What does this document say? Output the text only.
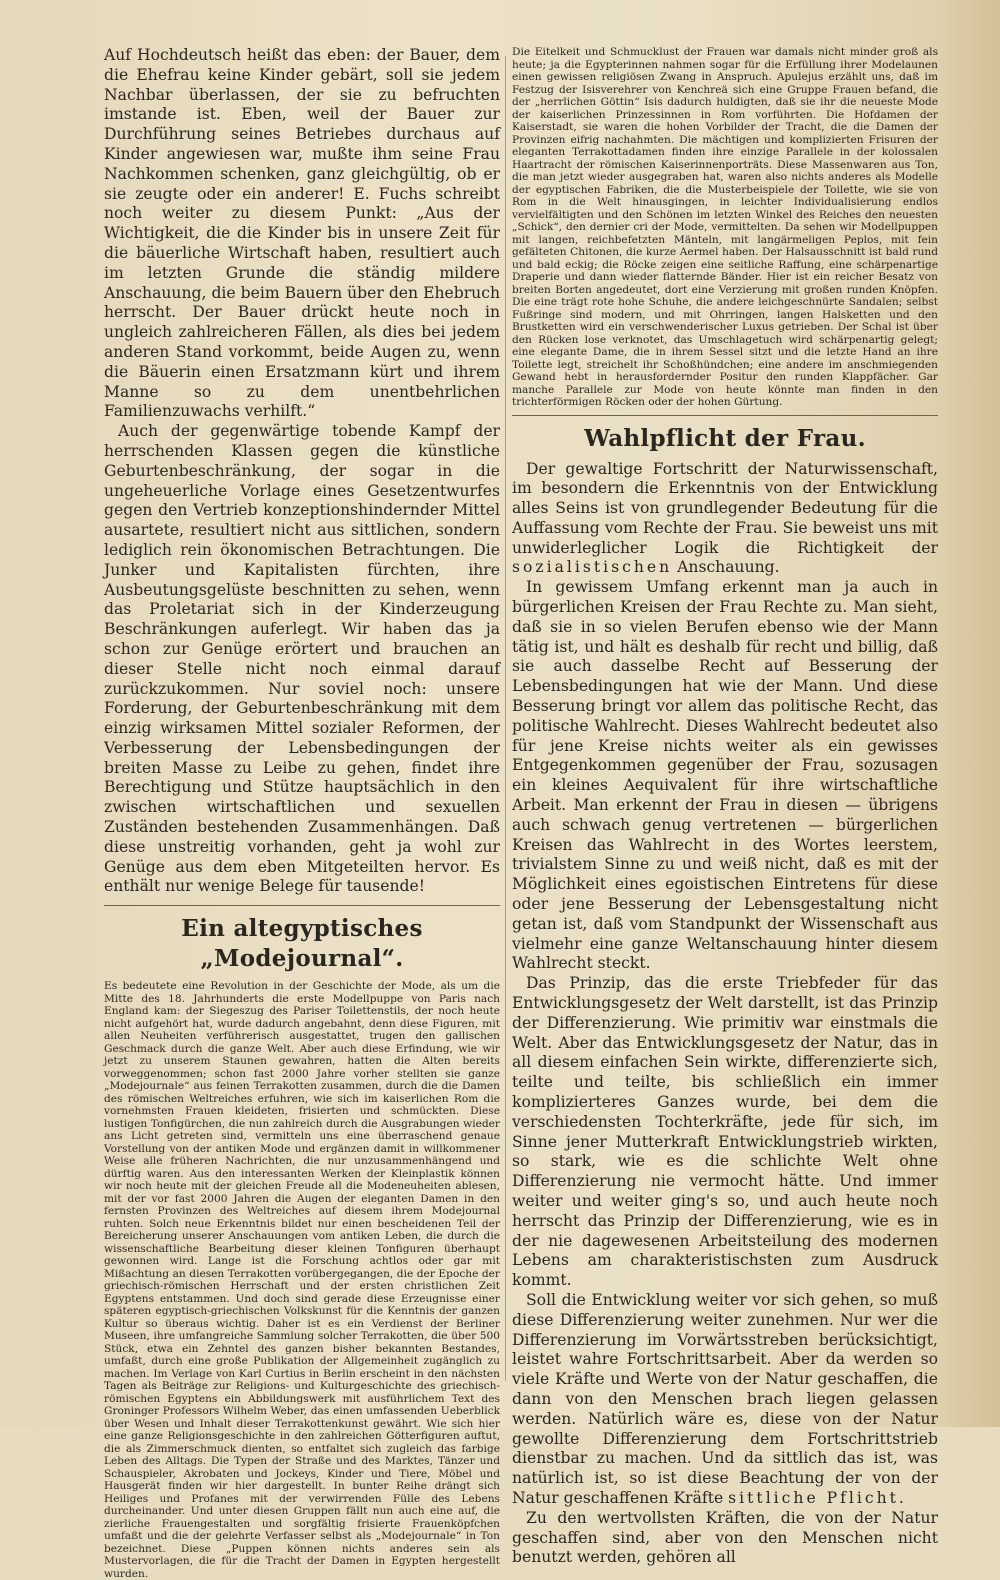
Auf Hochdeutsch heißt das eben: der Bauer, dem die Ehefrau keine Kinder gebärt, soll sie jedem Nachbar überlassen, der sie zu befruchten imstande ist. Eben, weil der Bauer zur Durchführung seines Betriebes durchaus auf Kinder angewiesen war, mußte ihm seine Frau Nachkommen schenken, ganz gleichgültig, ob er sie zeugte oder ein anderer! E. Fuchs schreibt noch weiter zu diesem Punkt: „Aus der Wichtigkeit, die die Kinder bis in unsere Zeit für die bäuerliche Wirtschaft haben, resultiert auch im letzten Grunde die ständig mildere Anschauung, die beim Bauern über den Ehebruch herrscht. Der Bauer drückt heute noch in ungleich zahlreicheren Fällen, als dies bei jedem anderen Stand vorkommt, beide Augen zu, wenn die Bäuerin einen Ersatzmann kürt und ihrem Manne so zu dem unentbehrlichen Familienzuwachs verhilft.“

Auch der gegenwärtige tobende Kampf der herrschenden Klassen gegen die künstliche Geburtenbeschränkung, der sogar in die ungeheuerliche Vorlage eines Gesetzentwurfes gegen den Vertrieb konzeptionshindernder Mittel ausartete, resultiert nicht aus sittlichen, sondern lediglich rein ökonomischen Betrachtungen. Die Junker und Kapitalisten fürchten, ihre Ausbeutungsgelüste beschnitten zu sehen, wenn das Proletariat sich in der Kinderzeugung Beschränkungen auferlegt. Wir haben das ja schon zur Genüge erörtert und brauchen an dieser Stelle nicht noch einmal darauf zurückzukommen. Nur soviel noch: unsere Forderung, der Geburtenbeschränkung mit dem einzig wirksamen Mittel sozialer Reformen, der Verbesserung der Lebensbedingungen der breiten Masse zu Leibe zu gehen, findet ihre Berechtigung und Stütze hauptsächlich in den zwischen wirtschaftlichen und sexuellen Zuständen bestehenden Zusammenhängen. Daß diese unstreitig vorhanden, geht ja wohl zur Genüge aus dem eben Mitgeteilten hervor. Es enthält nur wenige Belege für tausende!

Ein altegyptisches „Modejournal“.

Es bedeutete eine Revolution in der Geschichte der Mode, als um die Mitte des 18. Jahrhunderts die erste Modellpuppe von Paris nach England kam: der Siegeszug des Pariser Toilettenstils, der noch heute nicht aufgehört hat, wurde dadurch angebahnt, denn diese Figuren, mit allen Neuheiten verführerisch ausgestattet, trugen den gallischen Geschmack durch die ganze Welt. Aber auch diese Erfindung, wie wir jetzt zu unserem Staunen gewahren, hatten die Alten bereits vorweggenommen; schon fast 2000 Jahre vorher stellten sie ganze „Modejournale“ aus feinen Terrakotten zusammen, durch die die Damen des römischen Weltreiches erfuhren, wie sich im kaiserlichen Rom die vornehmsten Frauen kleideten, frisierten und schmückten. Diese lustigen Tonfigürchen, die nun zahlreich durch die Ausgrabungen wieder ans Licht getreten sind, vermitteln uns eine überraschend genaue Vorstellung von der antiken Mode und ergänzen damit in willkommener Weise alle früheren Nachrichten, die nur unzusammenhängend und dürftig waren. Aus den interessanten Werken der Kleinplastik können wir noch heute mit der gleichen Freude all die Modeneuheiten ablesen, mit der vor fast 2000 Jahren die Augen der eleganten Damen in den fernsten Provinzen des Weltreiches auf diesem ihrem Modejournal ruhten. Solch neue Erkenntnis bildet nur einen bescheidenen Teil der Bereicherung unserer Anschauungen vom antiken Leben, die durch die wissenschaftliche Bearbeitung dieser kleinen Tonfiguren überhaupt gewonnen wird. Lange ist die Forschung achtlos oder gar mit Mißachtung an diesen Terrakotten vorübergegangen, die der Epoche der griechisch-römischen Herrschaft und der ersten christlichen Zeit Egyptens entstammen. Und doch sind gerade diese Erzeugnisse einer späteren egyptisch-griechischen Volkskunst für die Kenntnis der ganzen Kultur so überaus wichtig. Daher ist es ein Verdienst der Berliner Museen, ihre umfangreiche Sammlung solcher Terrakotten, die über 500 Stück, etwa ein Zehntel des ganzen bisher bekannten Bestandes, umfaßt, durch eine große Publikation der Allgemeinheit zugänglich zu machen. Im Verlage von Karl Curtius in Berlin erscheint in den nächsten Tagen als Beiträge zur Religions- und Kulturgeschichte des griechisch-römischen Egyptens ein Abbildungswerk mit ausführlichem Text des Groninger Professors Wilhelm Weber, das einen umfassenden Ueberblick über Wesen und Inhalt dieser Terrakottenkunst gewährt. Wie sich hier eine ganze Religionsgeschichte in den zahlreichen Götterfiguren auftut, die als Zimmerschmuck dienten, so entfaltet sich zugleich das farbige Leben des Alltags. Die Typen der Straße und des Marktes, Tänzer und Schauspieler, Akrobaten und Jockeys, Kinder und Tiere, Möbel und Hausgerät finden wir hier dargestellt. In bunter Reihe drängt sich Heiliges und Profanes mit der verwirrenden Fülle des Lebens durcheinander. Und unter diesen Gruppen fällt nun auch eine auf, die zierliche Frauengestalten und sorgfältig frisierte Frauenköpfchen umfaßt und die der gelehrte Verfasser selbst als „Modejournale“ in Ton bezeichnet. Diese „Puppen können nichts anderes sein als Mustervorlagen, die für die Tracht der Damen in Egypten hergestellt wurden.

Die Eitelkeit und Schmucklust der Frauen war damals nicht minder groß als heute; ja die Egypterinnen nahmen sogar für die Erfüllung ihrer Modelaunen einen gewissen religiösen Zwang in Anspruch. Apulejus erzählt uns, daß im Festzug der Isisverehrer von Kenchreä sich eine Gruppe Frauen befand, die der „herrlichen Göttin“ Isis dadurch huldigten, daß sie ihr die neueste Mode der kaiserlichen Prinzessinnen in Rom vorführten. Die Hofdamen der Kaiserstadt, sie waren die hohen Vorbilder der Tracht, die die Damen der Provinzen eifrig nachahmten. Die mächtigen und komplizierten Frisuren der eleganten Terrakottadamen finden ihre einzige Parallele in der kolossalen Haartracht der römischen Kaiserinnenporträts. Diese Massenwaren aus Ton, die man jetzt wieder ausgegraben hat, waren also nichts anderes als Modelle der egyptischen Fabriken, die die Musterbeispiele der Toilette, wie sie von Rom in die Welt hinausgingen, in leichter Individualisierung endlos vervielfältigten und den Schönen im letzten Winkel des Reiches den neuesten „Schick“, den dernier cri der Mode, vermittelten. Da sehen wir Modellpuppen mit langen, reichbefetzten Mänteln, mit langärmeligen Peplos, mit fein gefälteten Chitonen, die kurze Aermel haben. Der Halsausschnitt ist bald rund und bald eckig; die Röcke zeigen eine seitliche Raffung, eine schärpenartige Draperie und dann wieder flatternde Bänder. Hier ist ein reicher Besatz von breiten Borten angedeutet, dort eine Verzierung mit großen runden Knöpfen. Die eine trägt rote hohe Schuhe, die andere leichgeschnürte Sandalen; selbst Fußringe sind modern, und mit Ohrringen, langen Halsketten und den Brustketten wird ein verschwenderischer Luxus getrieben. Der Schal ist über den Rücken lose verknotet, das Umschlagetuch wird schärpenartig gelegt; eine elegante Dame, die in ihrem Sessel sitzt und die letzte Hand an ihre Toilette legt, streichelt ihr Schoßhündchen; eine andere im anschmiegenden Gewand hebt in herausfordernder Positur den runden Klappfächer. Gar manche Parallele zur Mode von heute könnte man finden in den trichterförmigen Röcken oder der hohen Gürtung.

Wahlpflicht der Frau.

Der gewaltige Fortschritt der Naturwissenschaft, im besondern die Erkenntnis von der Entwicklung alles Seins ist von grundlegender Bedeutung für die Auffassung vom Rechte der Frau. Sie beweist uns mit unwiderleglicher Logik die Richtigkeit der sozialistischen Anschauung.

In gewissem Umfang erkennt man ja auch in bürgerlichen Kreisen der Frau Rechte zu. Man sieht, daß sie in so vielen Berufen ebenso wie der Mann tätig ist, und hält es deshalb für recht und billig, daß sie auch dasselbe Recht auf Besserung der Lebensbedingungen hat wie der Mann. Und diese Besserung bringt vor allem das politische Recht, das politische Wahlrecht. Dieses Wahlrecht bedeutet also für jene Kreise nichts weiter als ein gewisses Entgegenkommen gegenüber der Frau, sozusagen ein kleines Aequivalent für ihre wirtschaftliche Arbeit. Man erkennt der Frau in diesen — übrigens auch schwach genug vertretenen — bürgerlichen Kreisen das Wahlrecht in des Wortes leerstem, trivialstem Sinne zu und weiß nicht, daß es mit der Möglichkeit eines egoistischen Eintretens für diese oder jene Besserung der Lebensgestaltung nicht getan ist, daß vom Standpunkt der Wissenschaft aus vielmehr eine ganze Weltanschauung hinter diesem Wahlrecht steckt.

Das Prinzip, das die erste Triebfeder für das Entwicklungsgesetz der Welt darstellt, ist das Prinzip der Differenzierung. Wie primitiv war einstmals die Welt. Aber das Entwicklungsgesetz der Natur, das in all diesem einfachen Sein wirkte, differenzierte sich, teilte und teilte, bis schließlich ein immer komplizierteres Ganzes wurde, bei dem die verschiedensten Tochterkräfte, jede für sich, im Sinne jener Mutterkraft Entwicklungstrieb wirkten, so stark, wie es die schlichte Welt ohne Differenzierung nie vermocht hätte. Und immer weiter und weiter ging's so, und auch heute noch herrscht das Prinzip der Differenzierung, wie es in der nie dagewesenen Arbeitsteilung des modernen Lebens am charakteristischsten zum Ausdruck kommt.

Soll die Entwicklung weiter vor sich gehen, so muß diese Differenzierung weiter zunehmen. Nur wer die Differenzierung im Vorwärtsstreben berücksichtigt, leistet wahre Fortschrittsarbeit. Aber da werden so viele Kräfte und Werte von der Natur geschaffen, die dann von den Menschen brach liegen gelassen werden. Natürlich wäre es, diese von der Natur gewollte Differenzierung dem Fortschrittstrieb dienstbar zu machen. Und da sittlich das ist, was natürlich ist, so ist diese Beachtung der von der Natur geschaffenen Kräfte sittliche Pflicht.

Zu den wertvollsten Kräften, die von der Natur geschaffen sind, aber von den Menschen nicht benutzt werden, gehören all
